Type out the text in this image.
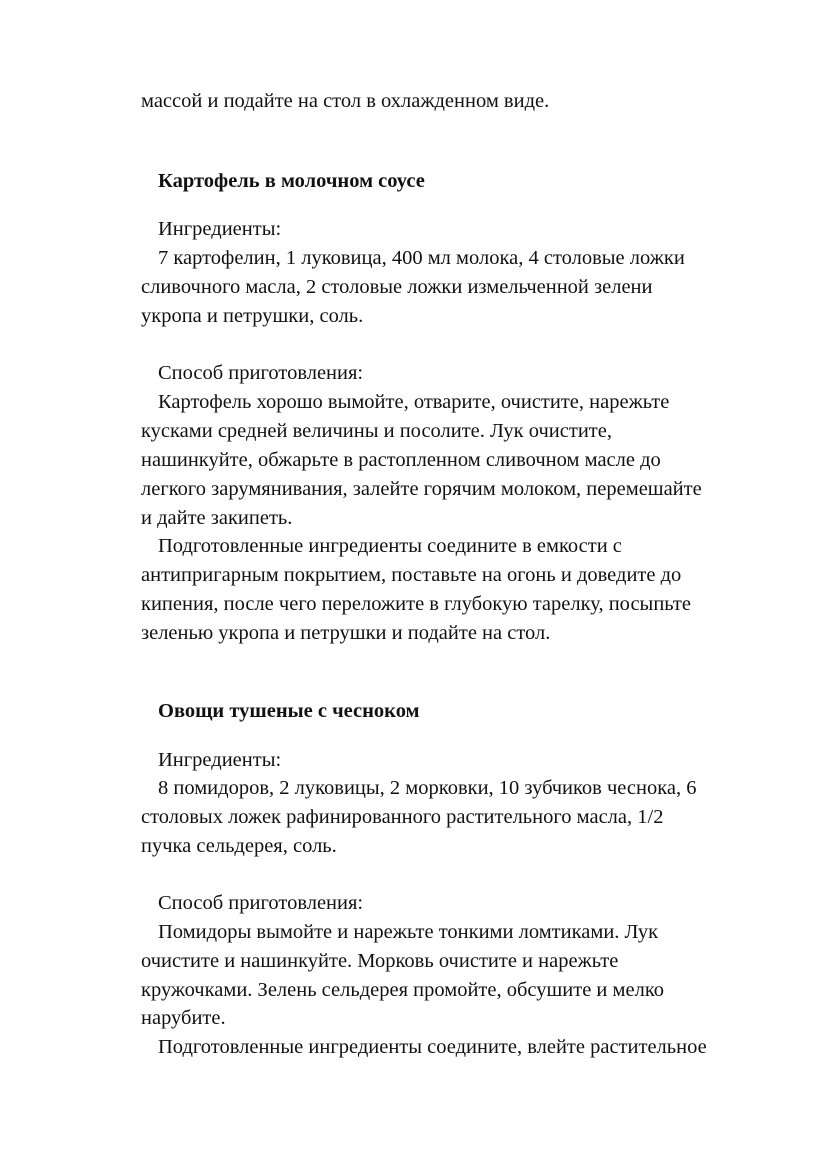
массой и подайте на стол в охлажденном виде.

Картофель в молочном соусе

Ингредиенты:

7 картофелин, 1 луковица, 400 мл молока, 4 столовые ложки

сливочного масла, 2 столовые ложки измельченной зелени

укропа и петрушки, соль.

Способ приготовления:

Картофель хорошо вымойте, отварите, очистите, нарежьте

кусками средней величины и посолите. Лук очистите,

нашинкуйте, обжарьте в растопленном сливочном масле до

легкого зарумянивания, залейте горячим молоком, перемешайте

и дайте закипеть.

Подготовленные ингредиенты соедините в емкости с

антипригарным покрытием, поставьте на огонь и доведите до

кипения, после чего переложите в глубокую тарелку, посыпьте

зеленью укропа и петрушки и подайте на стол.

Овощи тушеные с чесноком

Ингредиенты:

8 помидоров, 2 луковицы, 2 морковки, 10 зубчиков чеснока, 6

столовых ложек рафинированного растительного масла, 1/2

пучка сельдерея, соль.

Способ приготовления:

Помидоры вымойте и нарежьте тонкими ломтиками. Лук

очистите и нашинкуйте. Морковь очистите и нарежьте

кружочками. Зелень сельдерея промойте, обсушите и мелко

нарубите.

Подготовленные ингредиенты соедините, влейте растительное
